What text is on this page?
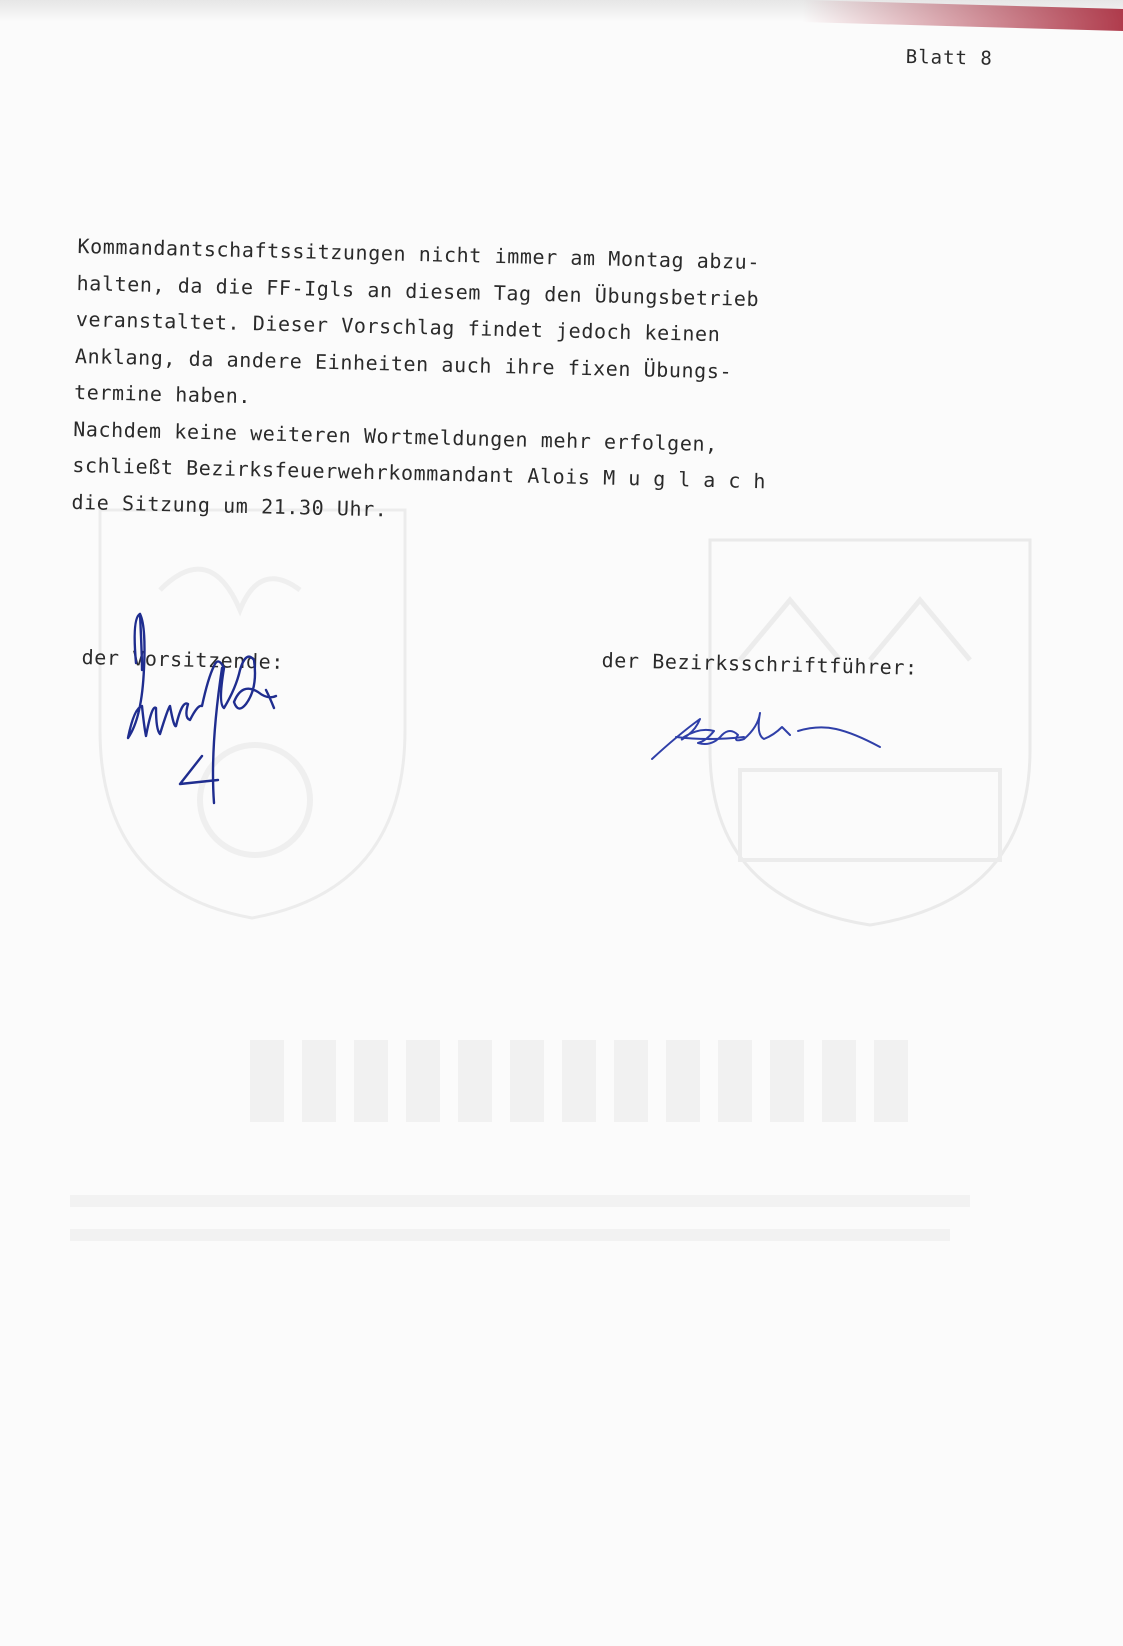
Blatt 8
Kommandantschaftssitzungen nicht immer am Montag abzu-
halten, da die FF-Igls an diesem Tag den Übungsbetrieb
veranstaltet. Dieser Vorschlag findet jedoch keinen
Anklang, da andere Einheiten auch ihre fixen Übungs-
termine haben.
Nachdem keine weiteren Wortmeldungen mehr erfolgen,
schließt Bezirksfeuerwehrkommandant Alois Muglach
die Sitzung um 21.30 Uhr.
der Vorsitzende:	der Bezirksschriftführer:
